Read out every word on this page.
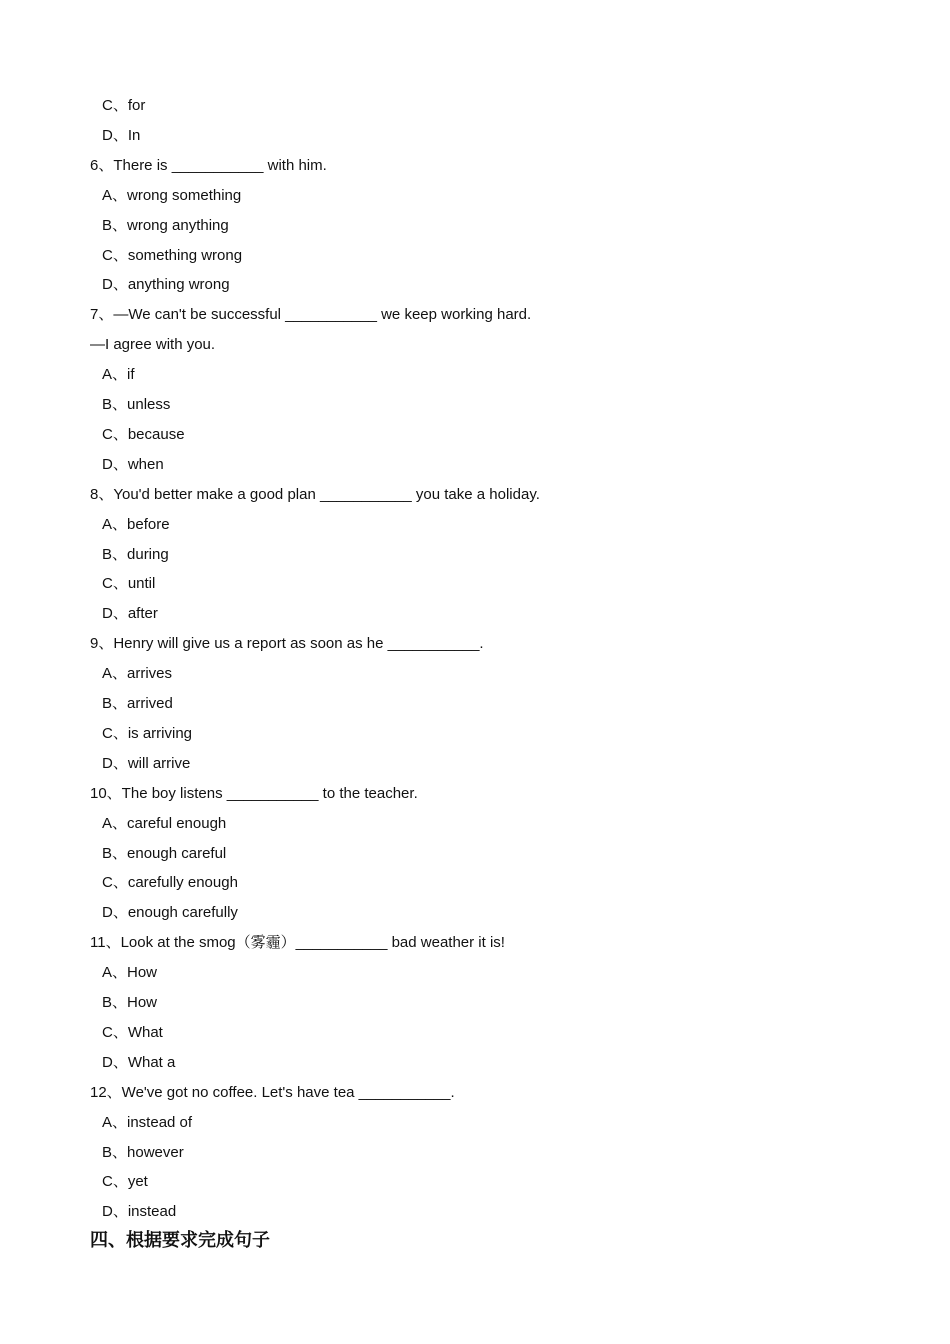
C、for
D、In
6、There is ___________ with him.
A、wrong something
B、wrong anything
C、something wrong
D、anything wrong
7、—We can't be successful ___________ we keep working hard.
—I agree with you.
A、if
B、unless
C、because
D、when
8、You'd better make a good plan ___________ you take a holiday.
A、before
B、during
C、until
D、after
9、Henry will give us a report as soon as he ___________.
A、arrives
B、arrived
C、is arriving
D、will arrive
10、The boy listens ___________ to the teacher.
A、careful enough
B、enough careful
C、carefully enough
D、enough carefully
11、Look at the smog（雾霾）___________ bad weather it is!
A、How
B、How
C、What
D、What a
12、We've got no coffee. Let's have tea ___________.
A、instead of
B、however
C、yet
D、instead
四、根据要求完成句子
